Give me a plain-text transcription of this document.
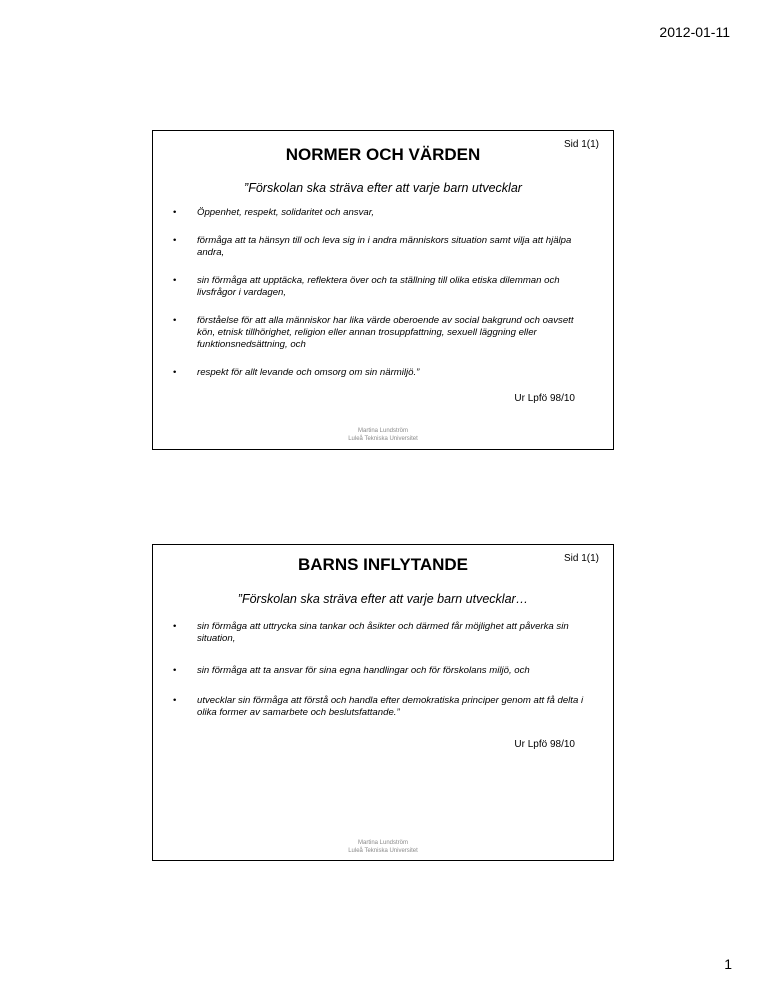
2012-01-11
Sid 1(1)
NORMER OCH VÄRDEN
”Förskolan ska sträva efter att varje barn utvecklar
• Öppenhet, respekt, solidaritet och ansvar,
• förmåga att ta hänsyn till och leva sig in i andra människors situation samt vilja att hjälpa andra,
• sin förmåga att upptäcka, reflektera över och ta ställning till olika etiska dilemman och livsfrågor i vardagen,
• förståelse för att alla människor har lika värde oberoende av social bakgrund och oavsett kön, etnisk tillhörighet, religion eller annan trosuppfattning, sexuell läggning eller funktionsnedsättning, och
• respekt för allt levande och omsorg om sin närmiljö.”
Ur Lpfö 98/10
Martina Lundström
Luleå Tekniska Universitet
Sid 1(1)
BARNS INFLYTANDE
”Förskolan ska sträva efter att varje barn utvecklar…
• sin förmåga att uttrycka sina tankar och åsikter och därmed får möjlighet att påverka sin situation,
• sin förmåga att ta ansvar för sina egna handlingar och för förskolans miljö, och
• utvecklar sin förmåga att förstå och handla efter demokratiska principer genom att få delta i olika former av samarbete och beslutsfattande.”
Ur Lpfö 98/10
Martina Lundström
Luleå Tekniska Universitet
1
